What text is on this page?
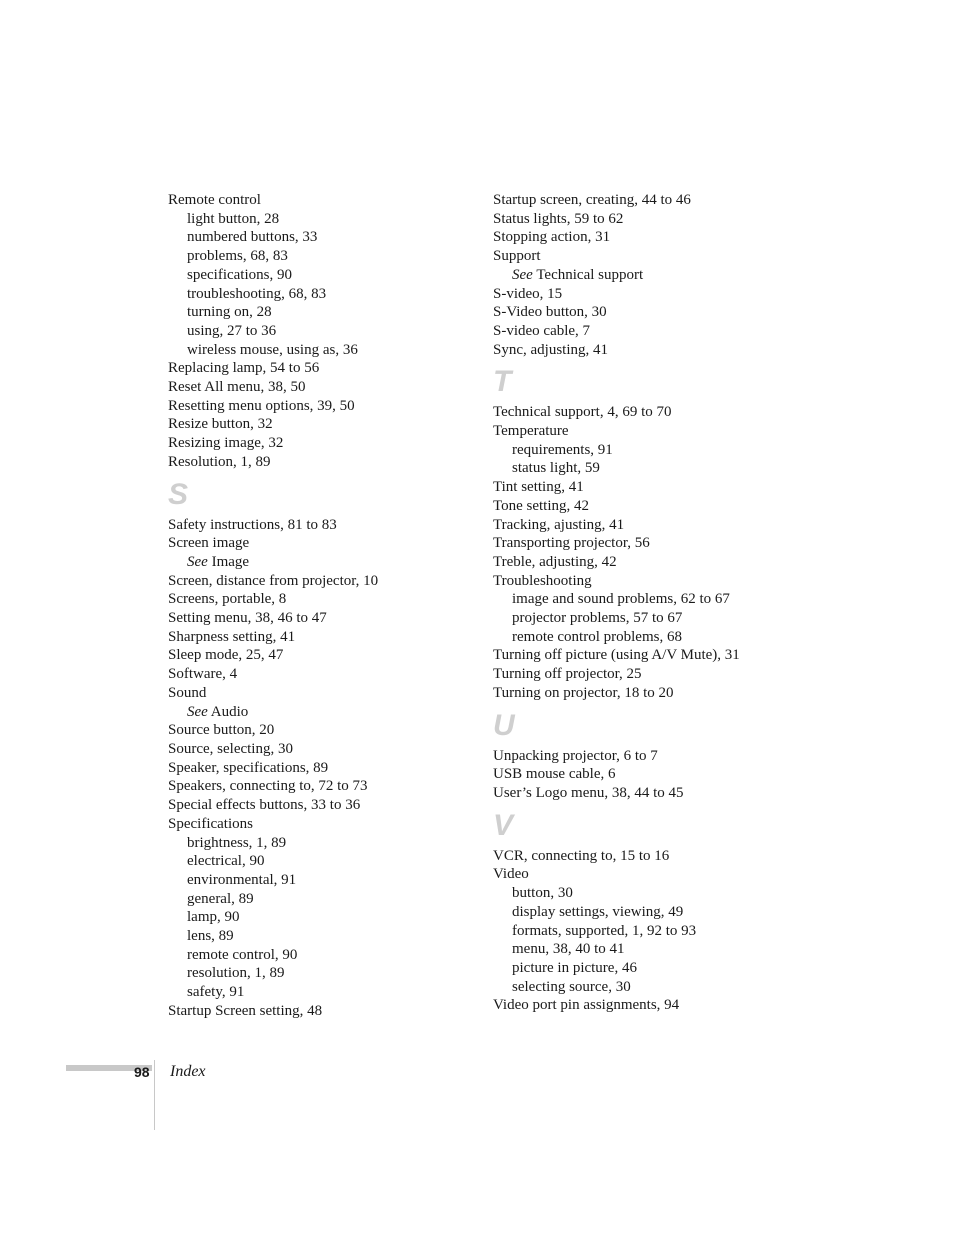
Remote control
light button, 28
numbered buttons, 33
problems, 68, 83
specifications, 90
troubleshooting, 68, 83
turning on, 28
using, 27 to 36
wireless mouse, using as, 36
Replacing lamp, 54 to 56
Reset All menu, 38, 50
Resetting menu options, 39, 50
Resize button, 32
Resizing image, 32
Resolution, 1, 89
S
Safety instructions, 81 to 83
Screen image
See Image
Screen, distance from projector, 10
Screens, portable, 8
Setting menu, 38, 46 to 47
Sharpness setting, 41
Sleep mode, 25, 47
Software, 4
Sound
See Audio
Source button, 20
Source, selecting, 30
Speaker, specifications, 89
Speakers, connecting to, 72 to 73
Special effects buttons, 33 to 36
Specifications
brightness, 1, 89
electrical, 90
environmental, 91
general, 89
lamp, 90
lens, 89
remote control, 90
resolution, 1, 89
safety, 91
Startup Screen setting, 48
Startup screen, creating, 44 to 46
Status lights, 59 to 62
Stopping action, 31
Support
See Technical support
S-video, 15
S-Video button, 30
S-video cable, 7
Sync, adjusting, 41
T
Technical support, 4, 69 to 70
Temperature
requirements, 91
status light, 59
Tint setting, 41
Tone setting, 42
Tracking, ajusting, 41
Transporting projector, 56
Treble, adjusting, 42
Troubleshooting
image and sound problems, 62 to 67
projector problems, 57 to 67
remote control problems, 68
Turning off picture (using A/V Mute), 31
Turning off projector, 25
Turning on projector, 18 to 20
U
Unpacking projector, 6 to 7
USB mouse cable, 6
User’s Logo menu, 38, 44 to 45
V
VCR, connecting to, 15 to 16
Video
button, 30
display settings, viewing, 49
formats, supported, 1, 92 to 93
menu, 38, 40 to 41
picture in picture, 46
selecting source, 30
Video port pin assignments, 94
98 Index
